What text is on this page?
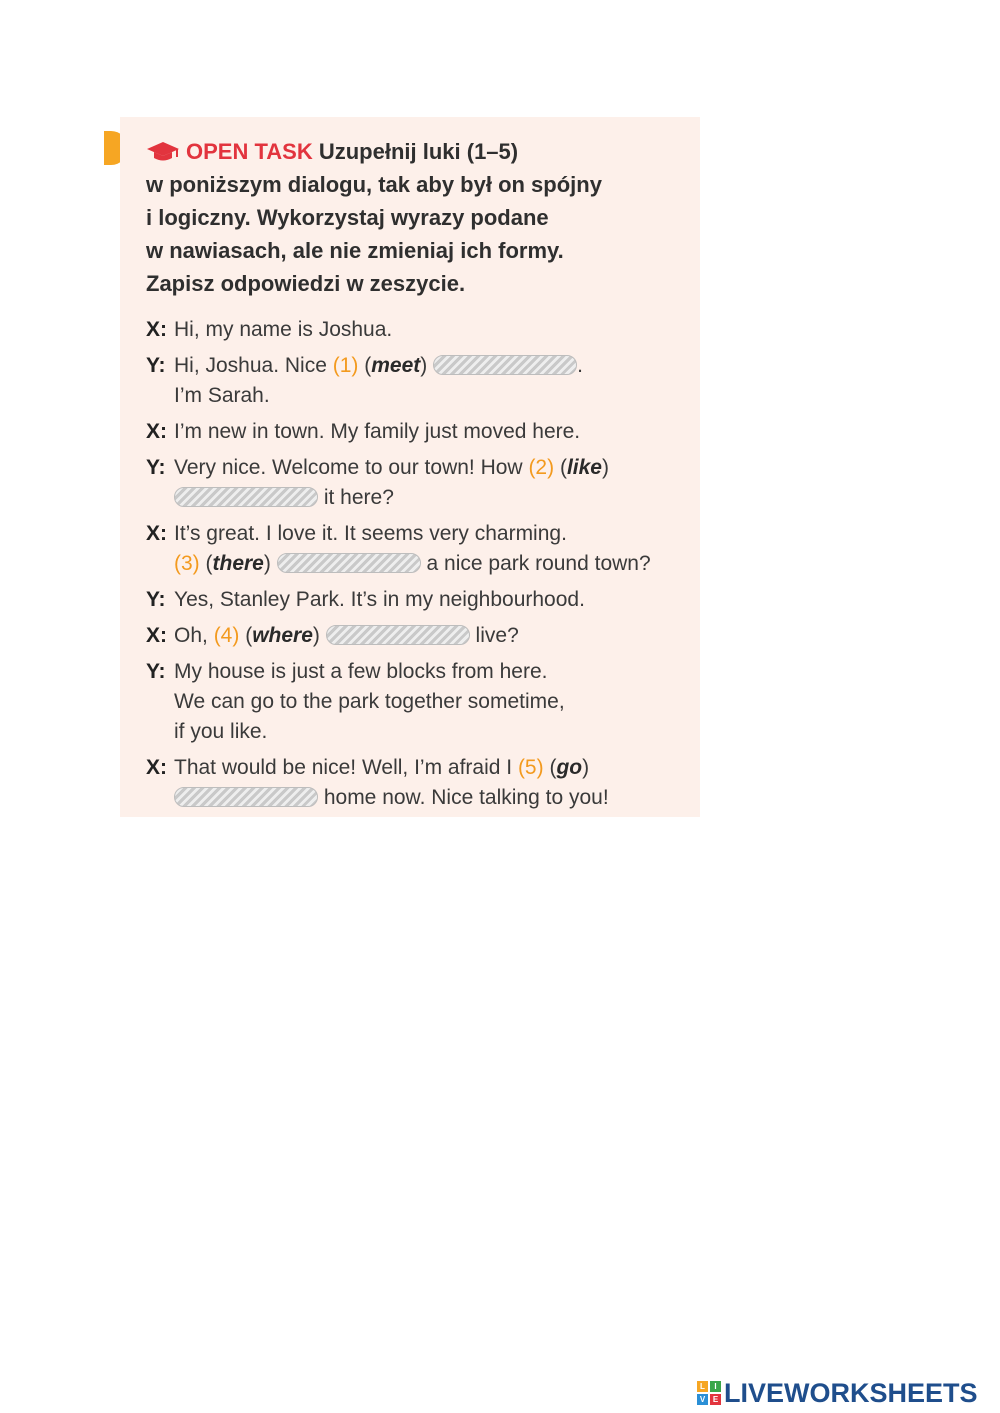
OPEN TASK Uzupełnij luki (1–5)
w poniższym dialogu, tak aby był on spójny
i logiczny. Wykorzystaj wyrazy podane
w nawiasach, ale nie zmieniaj ich formy.
Zapisz odpowiedzi w zeszycie.
X: Hi, my name is Joshua.
Y: Hi, Joshua. Nice (1) (meet)	.
I’m Sarah.
X: I’m new in town. My family just moved here.
Y: Very nice. Welcome to our town! How (2) (like)
it here?
X: It’s great. I love it. It seems very charming.
(3) (there)	a nice park round town?
Y: Yes, Stanley Park. It’s in my neighbourhood.
X: Oh, (4) (where)	live?
Y: My house is just a few blocks from here.
We can go to the park together sometime,
if you like.
X: That would be nice! Well, I’m afraid I (5) (go)
home now. Nice talking to you!
L	I
V E LIVEWORKSHEETS
